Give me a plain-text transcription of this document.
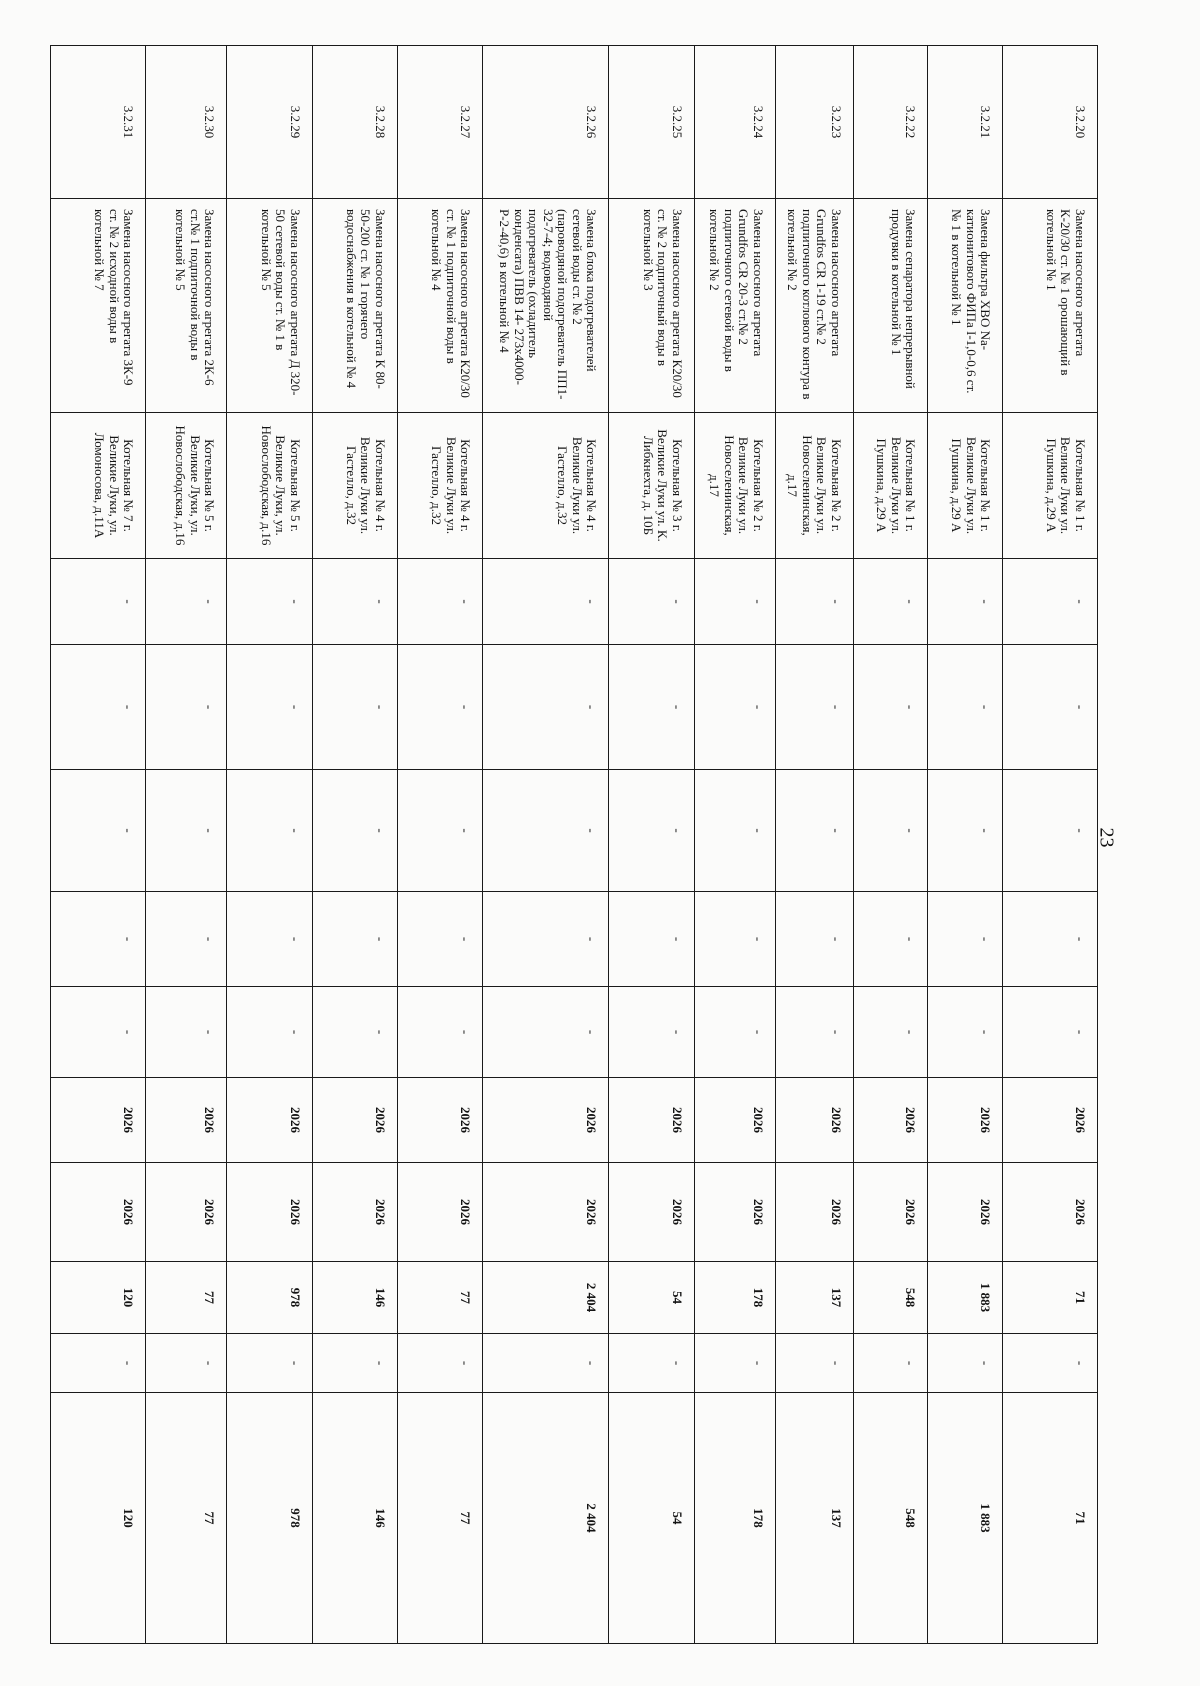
23
3.2.20	Замена насосного агрегата К-20/30 ст. № 1 орошающий в котельной № 1	Котельная № 1 г. Великие Луки ул. Пушкина, д.29 А	-	-	-	-	-	2026	2026	71	-	71
3.2.21	Замена фильтра ХВО Na-катионитового ФИПа I-1,0-0,6 ст. № 1 в котельной № 1	Котельная № 1 г. Великие Луки ул. Пушкина, д.29 А	-	-	-	-	-	2026	2026	1 883	-	1 883
3.2.22	Замена сепаратора непрерывной продувки в котельной № 1	Котельная № 1 г. Великие Луки ул. Пушкина, д.29 А	-	-	-	-	-	2026	2026	548	-	548
3.2.23	Замена насосного агрегата Grundfos CR 1-19 ст.№ 2 подпиточного котлового контура в котельной № 2	Котельная № 2 г. Великие Луки ул. Новоселенинская, д.17	-	-	-	-	-	2026	2026	137	-	137
3.2.24	Замена насосного агрегата Grundfos CR 20-3 ст.№ 2 подпиточного сетевой воды в котельной № 2	Котельная № 2 г. Великие Луки ул. Новоселенинская, д.17	-	-	-	-	-	2026	2026	178	-	178
3.2.25	Замена насосного агрегата К20/30 ст. № 2 подпиточный воды в котельной № 3	Котельная № 3 г. Великие Луки ул. К. Либкнехта, д. 10Б	-	-	-	-	-	2026	2026	54	-	54
3.2.26	Замена блока подогревателей сетевой воды ст. № 2 (пароводяной подогреватель ПП1-32-7-4; водоводяной подогреватель (охладитель конденсата) ПВВ 14- 273х4000-Р-2-40,6) в котельной № 4	Котельная № 4 г. Великие Луки ул. Гастелло, д.32	-	-	-	-	-	2026	2026	2 404	-	2 404
3.2.27	Замена насосного агрегата К20/30 ст. № 1 подпиточной воды в котельной № 4	Котельная № 4 г. Великие Луки ул. Гастелло, д.32	-	-	-	-	-	2026	2026	77	-	77
3.2.28	Замена насосного агрегата К 80-50-200 ст. № 1 горячего водоснабжения в котельной № 4	Котельная № 4 г. Великие Луки ул. Гастелло, д.32	-	-	-	-	-	2026	2026	146	-	146
3.2.29	Замена насосного агрегата Д 320-50 сетевой воды ст. № 1 в котельной № 5	Котельная № 5 г. Великие Луки, ул. Новослободская, д.16	-	-	-	-	-	2026	2026	978	-	978
3.2.30	Замена насосного агрегата 2К-6 ст.№ 1 подпиточной воды в котельной № 5	Котельная № 5 г. Великие Луки, ул. Новослободская, д.16	-	-	-	-	-	2026	2026	77	-	77
3.2.31	Замена насосного агрегата 3К-9 ст. № 2 исходной воды в котельной № 7	Котельная № 7 г. Великие Луки, ул. Ломоносова, д.11А	-	-	-	-	-	2026	2026	120	-	120
